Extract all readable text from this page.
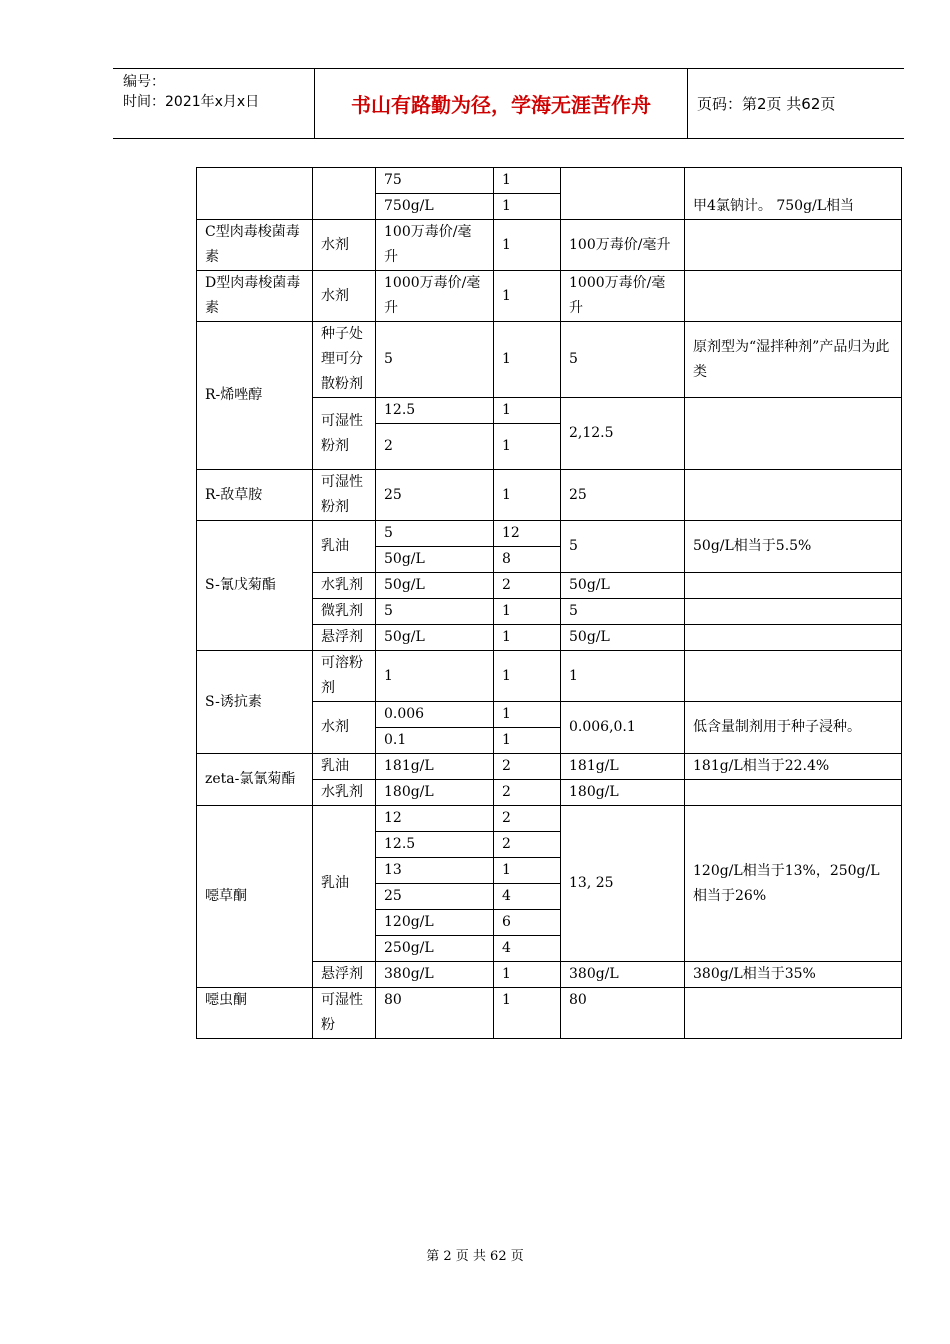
编号：
时间：2021年x月x日	书山有路勤为径，学海无涯苦作舟	页码：第2页 共62页
		75	1		甲4氯钠计。 750g/L相当
		750g/L	1		
C型肉毒梭菌毒素	水剂	100万毒价/毫升	1	100万毒价/毫升	
D型肉毒梭菌毒素	水剂	1000万毒价/毫升	1	1000万毒价/毫升	
R-烯唑醇	种子处理可分散粉剂	5	1	5	原剂型为“湿拌种剂”产品归为此类
	可湿性粉剂	12.5	1	2,12.5	
		2	1		
R-敌草胺	可湿性粉剂	25	1	25	
S-氰戊菊酯	乳油	5	12	5	50g/L相当于5.5%
		50g/L	8		
	水乳剂	50g/L	2	50g/L	
	微乳剂	5	1	5	
	悬浮剂	50g/L	1	50g/L	
S-诱抗素	可溶粉剂	1	1	1	
	水剂	0.006	1	0.006,0.1	低含量制剂用于种子浸种。
		0.1	1		
zeta-氯氰菊酯	乳油	181g/L	2	181g/L	181g/L相当于22.4%
	水乳剂	180g/L	2	180g/L	
噁草酮	乳油	12	2	13, 25	120g/L相当于13%，250g/L相当于26%
		12.5	2		
		13	1		
		25	4		
		120g/L	6		
		250g/L	4		
	悬浮剂	380g/L	1	380g/L	380g/L相当于35%
噁虫酮	可湿性粉	80	1	80	
第 2 页 共 62 页
